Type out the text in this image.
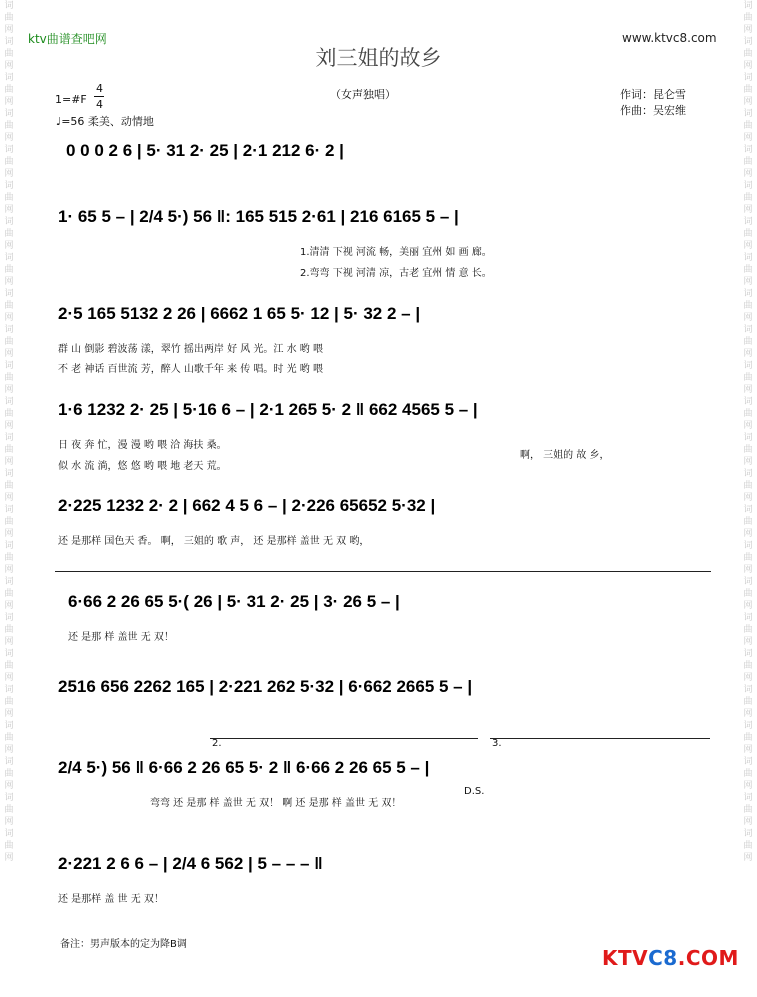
词 曲 网 词 曲 网 词 曲 网 词 曲 网 词 曲 网 词 曲 网 词 曲 网 词 曲 网 词 曲 网 词 曲 网 词 曲 网 词 曲 网 词 曲 网 词 曲 网 词 曲 网 词 曲 网 词 曲 网 词 曲 网 词 曲 网 词 曲 网 词 曲 网 词 曲 网 词 曲 网 词 曲 网
词 曲 网 词 曲 网 词 曲 网 词 曲 网 词 曲 网 词 曲 网 词 曲 网 词 曲 网 词 曲 网 词 曲 网 词 曲 网 词 曲 网 词 曲 网 词 曲 网 词 曲 网 词 曲 网 词 曲 网 词 曲 网 词 曲 网 词 曲 网 词 曲 网 词 曲 网 词 曲 网 词 曲 网
ktv曲谱查吧网	www.ktvc8.com
刘三姐的故乡
（女声独唱）	作词：昆仑雪
作曲：吴宏维
1=#F
4
4
♩=56 柔美、动情地
0 0 0 2 6 | 5· 31 2· 25 | 2·1 212 6· 2 |
1· 65 5 – | 2/4 5·) 56 ‖: 165 515 2·61 | 216 6165 5 – |
1.清清 下视 河流 畅，美丽 宜州 如 画 廊。
2.弯弯 下视 河清 凉，古老 宜州 情 意 长。
2·5 165 5132 2 26 | 6662 1 65 5· 12 | 5· 32 2 – |
群 山 倒影 碧波荡 漾，翠竹 摇出两岸 好 风 光。江 水 哟 喂
不 老 神话 百世流 芳，醉人 山歌千年 来 传 唱。时 光 哟 喂
1·6 1232 2· 25 | 5·16 6 – | 2·1 265 5· 2 ‖ 662 4565 5 – |
日 夜 奔 忙，漫 漫 哟 喂 洽 海扶 桑。
似 水 流 淌，悠 悠 哟 喂 地 老天 荒。
啊， 三姐的 故 乡，
2·225 1232 2· 2 | 662 4 5 6 – | 2·226 65652 5·32 |
还 是那样 国色天 香。 啊， 三姐的 歌 声， 还 是那样 盖世 无 双 哟，
6·66 2 26 65 5·( 26 | 5· 31 2· 25 | 3· 26 5 – |
还 是那 样 盖世 无 双！
2516 656 2262 165 | 2·221 262 5·32 | 6·662 2665 5 – |
2.	3.
2/4 5·) 56 ‖ 6·66 2 26 65 5· 2 ‖ 6·66 2 26 65 5 – |
弯弯 还 是那 样 盖世 无 双！ 啊 还 是那 样 盖世 无 双！
D.S.
2·221 2 6 6 – | 2/4 6 562 | 5 – – – ‖
还 是那样 盖 世 无 双！
备注：男声版本的定为降B调
KTVC8.COM
